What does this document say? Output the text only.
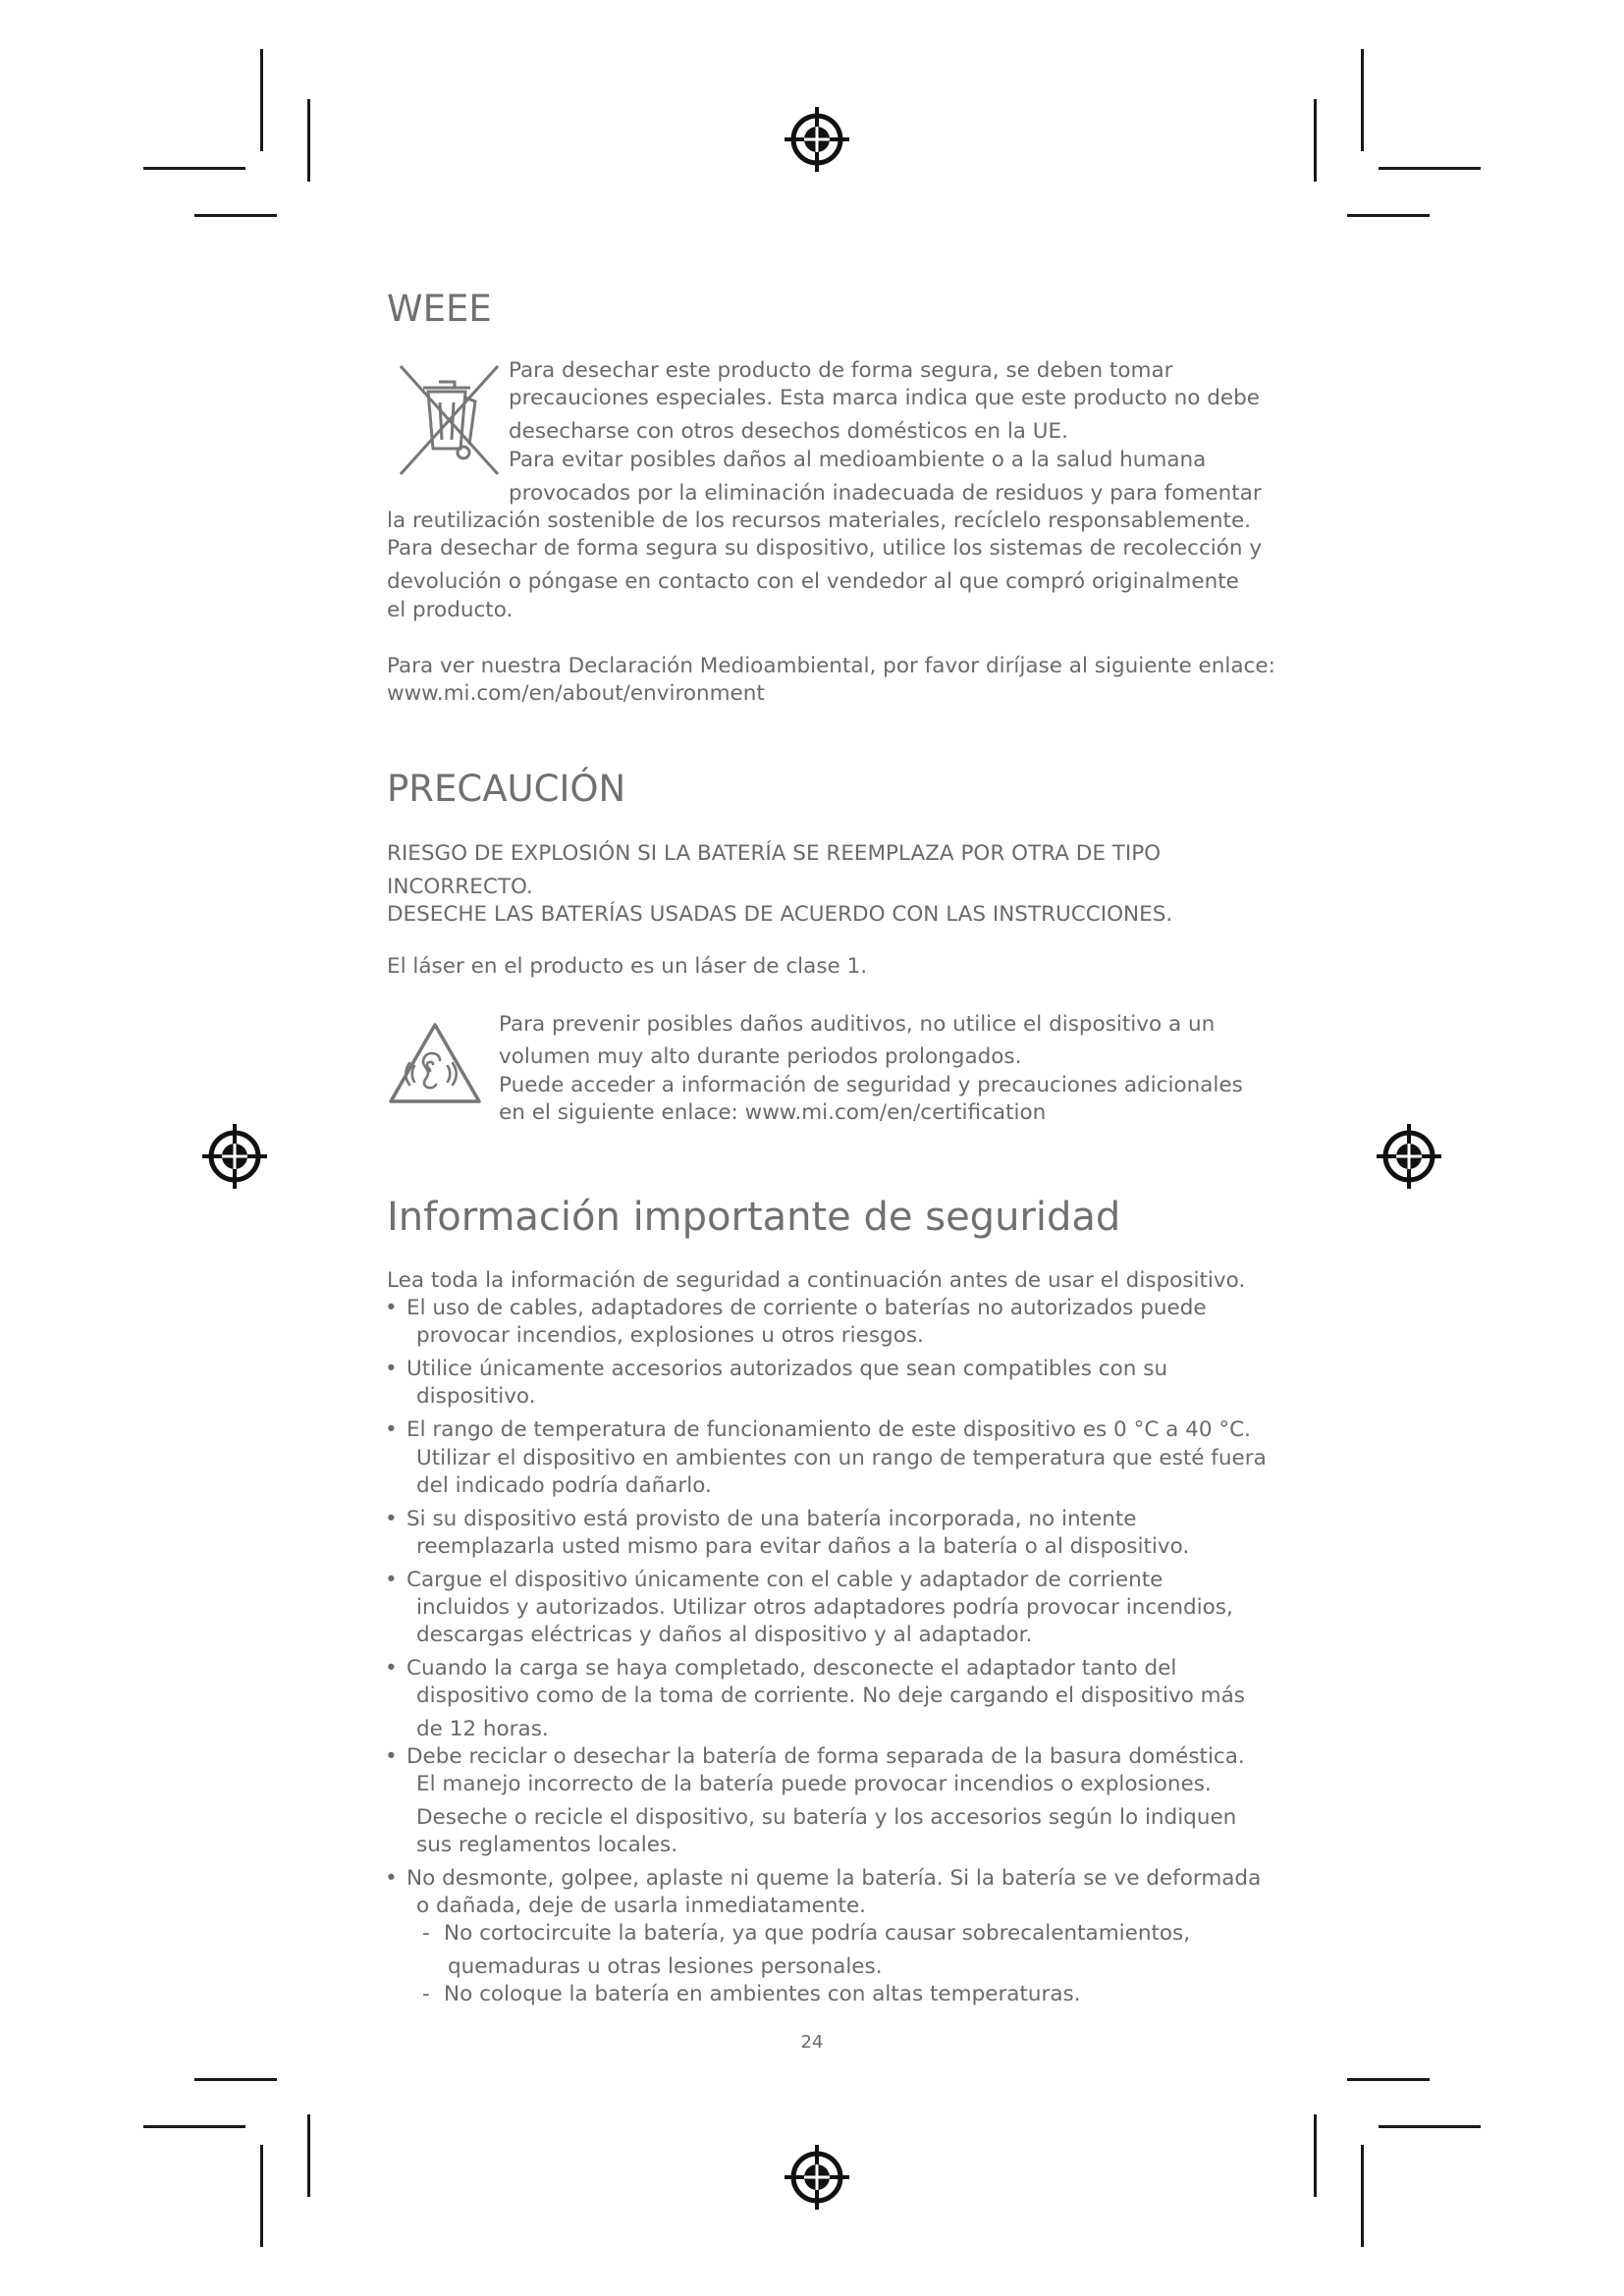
WEEE

Para desechar este producto de forma segura, se deben tomar

precauciones especiales. Esta marca indica que este producto no debe

desecharse con otros desechos domésticos en la UE.

Para evitar posibles daños al medioambiente o a la salud humana

provocados por la eliminación inadecuada de residuos y para fomentar

la reutilización sostenible de los recursos materiales, recíclelo responsablemente.

Para desechar de forma segura su dispositivo, utilice los sistemas de recolección y

devolución o póngase en contacto con el vendedor al que compró originalmente

el producto.

Para ver nuestra Declaración Medioambiental, por favor diríjase al siguiente enlace:

www.mi.com/en/about/environment

PRECAUCIÓN

RIESGO DE EXPLOSIÓN SI LA BATERÍA SE REEMPLAZA POR OTRA DE TIPO

INCORRECTO.

DESECHE LAS BATERÍAS USADAS DE ACUERDO CON LAS INSTRUCCIONES.

El láser en el producto es un láser de clase 1.

Para prevenir posibles daños auditivos, no utilice el dispositivo a un

volumen muy alto durante periodos prolongados.

Puede acceder a información de seguridad y precauciones adicionales

en el siguiente enlace: www.mi.com/en/certification

Información importante de seguridad

Lea toda la información de seguridad a continuación antes de usar el dispositivo.

• El uso de cables, adaptadores de corriente o baterías no autorizados puede

provocar incendios, explosiones u otros riesgos.

• Utilice únicamente accesorios autorizados que sean compatibles con su

dispositivo.

• El rango de temperatura de funcionamiento de este dispositivo es 0 °C a 40 °C.

Utilizar el dispositivo en ambientes con un rango de temperatura que esté fuera

del indicado podría dañarlo.

• Si su dispositivo está provisto de una batería incorporada, no intente

reemplazarla usted mismo para evitar daños a la batería o al dispositivo.

• Cargue el dispositivo únicamente con el cable y adaptador de corriente

incluidos y autorizados. Utilizar otros adaptadores podría provocar incendios,

descargas eléctricas y daños al dispositivo y al adaptador.

• Cuando la carga se haya completado, desconecte el adaptador tanto del

dispositivo como de la toma de corriente. No deje cargando el dispositivo más

de 12 horas.

• Debe reciclar o desechar la batería de forma separada de la basura doméstica.

El manejo incorrecto de la batería puede provocar incendios o explosiones.

Deseche o recicle el dispositivo, su batería y los accesorios según lo indiquen

sus reglamentos locales.

• No desmonte, golpee, aplaste ni queme la batería. Si la batería se ve deformada

o dañada, deje de usarla inmediatamente.

- No cortocircuite la batería, ya que podría causar sobrecalentamientos,

quemaduras u otras lesiones personales.

- No coloque la batería en ambientes con altas temperaturas.

24
